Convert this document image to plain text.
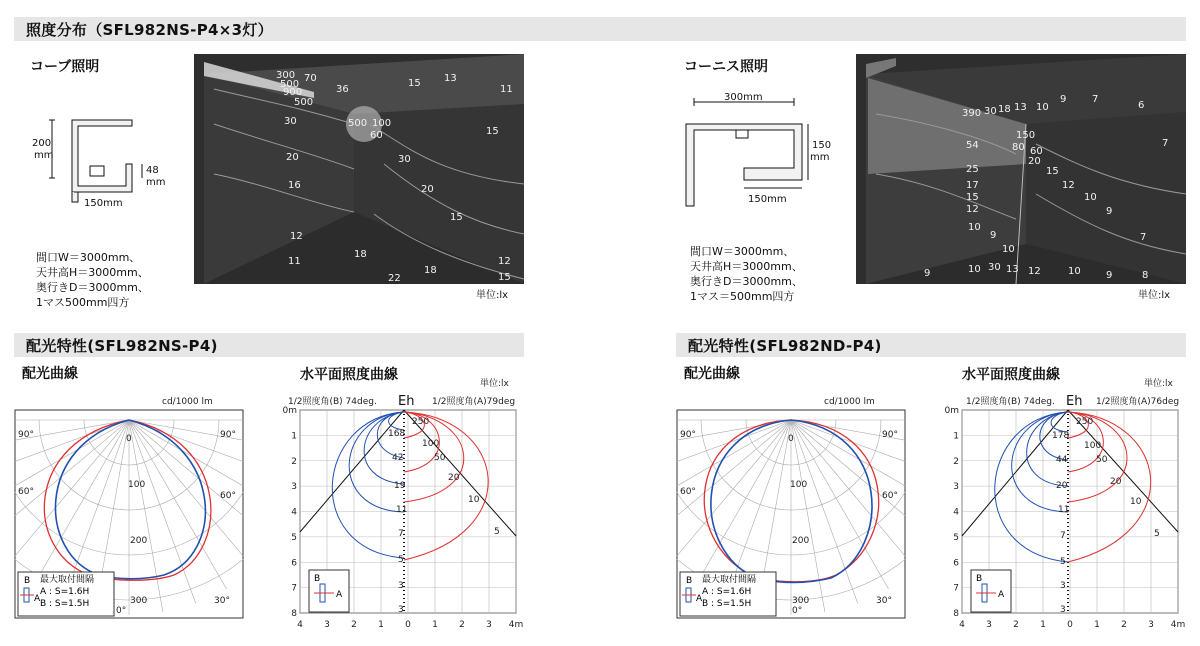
照度分布（SFL982NS-P4×3灯）
コーブ照明
200
mm
48
mm
150mm
間口W＝3000mm、
天井高H＝3000mm、
奥行きD＝3000mm、
1マス500mm四方
300 70
500
900	36
15 13
11
500
30	500 100
60	15
20	30
16	20
15
12
11
18
18
12
22	15
単位:lx
コーニス照明
300mm
150
mm
150mm
間口W＝3000mm、
天井高H＝3000mm、
奥行きD＝3000mm、
1マス＝500mm四方
390 30 18 13 10
9	7
6
150
54	80 60
20
7
25	15
17	12
15	10
12	9
10
9	7
10
9	10 30 13 12	10	9	8
単位:lx
配光特性(SFL982NS-P4)	配光特性(SFL982ND-P4)
配光曲線	水平面照度曲線	配光曲線	水平面照度曲線
cd/1000 lm
90°	90°
60°	60°
30°
0°
0
100
200
300
B
A
最大取付間隔
A : S=1.6H
B : S=1.5H
cd/1000 lm
90°	90°
60°	60°
30°
0°
0
100
200
300
B
A
最大取付間隔
A : S=1.6H
B : S=1.5H
単位:lx
1/2照度角(B) 74deg. Eh 1/2照度角(A)79deg
0m
1
2
3
4
5
6
7
8
4 3 2 1 0 1 2 3 4m
250
168
100
42	50
19
20
11
10
7
5
5
3
3
B
A
単位:lx
1/2照度角(B) 74deg. Eh 1/2照度角(A)76deg
0m
1
2
3
4
5
6
7
8
4 3 2 1 0 1 2 3 4m
250
178
100
44	50
20	20
11
10
7
5
5
3
3
B
A
